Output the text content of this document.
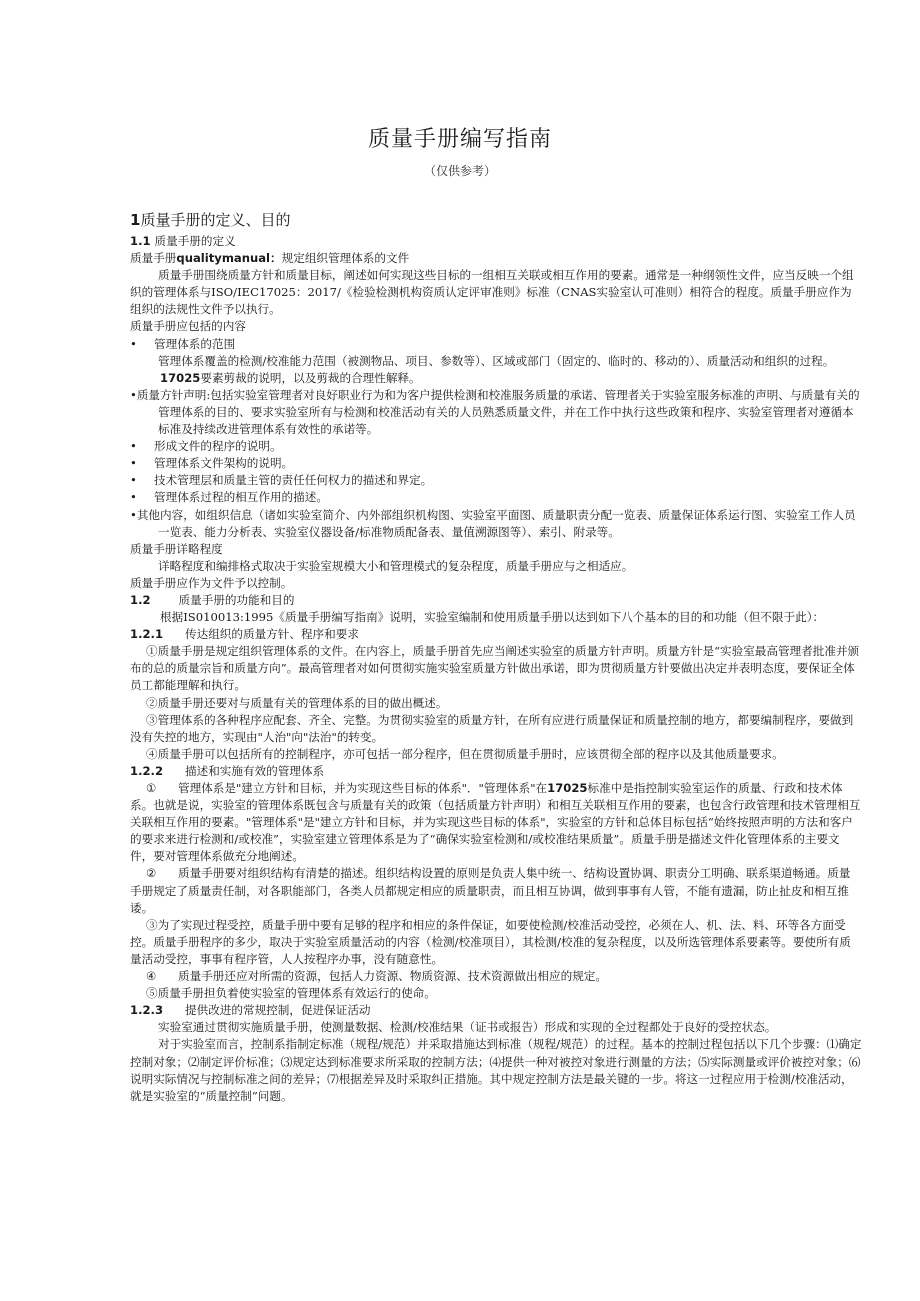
质量手册编写指南
（仅供参考）

1质量手册的定义、目的

1.1 质量手册的定义

质量手册qualitymanual：规定组织管理体系的文件

质量手册围绕质量方针和质量目标，阐述如何实现这些目标的一组相互关联或相互作用的要素。通常是一种纲领性文件，应当反映一个组织的管理体系与ISO/IEC17025：2017/《检验检测机构资质认定评审准则》标准（CNAS实验室认可准则）相符合的程度。质量手册应作为组织的法规性文件予以执行。

质量手册应包括的内容

• 管理体系的范围

管理体系覆盖的检测/校准能力范围（被测物品、项目、参数等）、区域或部门（固定的、临时的、移动的）、质量活动和组织的过程。

17025要素剪裁的说明，以及剪裁的合理性解释。

•质量方针声明:包括实验室管理者对良好职业行为和为客户提供检测和校准服务质量的承诺、管理者关于实验室服务标准的声明、与质量有关的管理体系的目的、要求实验室所有与检测和校准活动有关的人员熟悉质量文件，并在工作中执行这些政策和程序、实验室管理者对遵循本标准及持续改进管理体系有效性的承诺等。

• 形成文件的程序的说明。

• 管理体系文件架构的说明。

• 技术管理层和质量主管的责任任何权力的描述和界定。

• 管理体系过程的相互作用的描述。

•其他内容，如组织信息（诸如实验室简介、内外部组织机构图、实验室平面图、质量职责分配一览表、质量保证体系运行图、实验室工作人员一览表、能力分析表、实验室仪器设备/标准物质配备表、量值溯源图等）、索引、附录等。

质量手册详略程度

详略程度和编排格式取决于实验室规模大小和管理模式的复杂程度，质量手册应与之相适应。

质量手册应作为文件予以控制。

1.2 质量手册的功能和目的

根据IS010013:1995《质量手册编写指南》说明，实验室编制和使用质量手册以达到如下八个基本的目的和功能（但不限于此）：

1.2.1 传达组织的质量方针、程序和要求

①质量手册是规定组织管理体系的文件。在内容上，质量手册首先应当阐述实验室的质量方针声明。质量方针是“实验室最高管理者批准并颁布的总的质量宗旨和质量方向”。最高管理者对如何贯彻实施实验室质量方针做出承诺，即为贯彻质量方针要做出决定并表明态度，要保证全体员工都能理解和执行。

②质量手册还要对与质量有关的管理体系的目的做出概述。

③管理体系的各种程序应配套、齐全、完整。为贯彻实验室的质量方针，在所有应进行质量保证和质量控制的地方，都要编制程序，要做到没有失控的地方，实现由"人治"向"法治"的转变。

④质量手册可以包括所有的控制程序，亦可包括一部分程序，但在贯彻质量手册时，应该贯彻全部的程序以及其他质量要求。

1.2.2 描述和实施有效的管理体系

① 管理体系是"建立方针和目标，并为实现这些目标的体系"．"管理体系"在17025标准中是指控制实验室运作的质量、行政和技术体系。也就是说，实验室的管理体系既包含与质量有关的政策（包括质量方针声明）和相互关联相互作用的要素，也包含行政管理和技术管理相互关联相互作用的要素。"管理体系"是"建立方针和目标，并为实现这些目标的体系"，实验室的方针和总体目标包括“始终按照声明的方法和客户的要求来进行检测和/或校准”，实验室建立管理体系是为了“确保实验室检测和/或校准结果质量”。质量手册是描述文件化管理体系的主要文件，要对管理体系做充分地阐述。

② 质量手册要对组织结构有清楚的描述。组织结构设置的原则是负责人集中统一、结构设置协调、职责分工明确、联系渠道畅通。质量手册规定了质量责任制，对各职能部门，各类人员都规定相应的质量职责，而且相互协调，做到事事有人管，不能有遗漏，防止扯皮和相互推诿。

③为了实现过程受控，质量手册中要有足够的程序和相应的条件保证，如要使检测/校准活动受控，必须在人、机、法、料、环等各方面受控。质量手册程序的多少，取决于实验室质量活动的内容（检测/校准项目），其检测/校准的复杂程度，以及所选管理体系要素等。要使所有质量活动受控，事事有程序管，人人按程序办事，没有随意性。

④ 质量手册还应对所需的资源，包括人力资源、物质资源、技术资源做出相应的规定。

⑤质量手册担负着使实验室的管理体系有效运行的使命。

1.2.3 提供改进的常规控制，促进保证活动

实验室通过贯彻实施质量手册，使测量数据、检测/校准结果（证书或报告）形成和实现的全过程都处于良好的受控状态。

对于实验室而言，控制系指制定标准（规程/规范）并采取措施达到标准（规程/规范）的过程。基本的控制过程包括以下几个步骤：⑴确定控制对象；⑵制定评价标准；⑶规定达到标准要求所采取的控制方法；⑷提供一种对被控对象进行测量的方法；⑸实际测量或评价被控对象；⑹说明实际情况与控制标准之间的差异；⑺根据差异及时采取纠正措施。其中规定控制方法是最关键的一步。将这一过程应用于检测/校准活动，就是实验室的“质量控制”问题。
